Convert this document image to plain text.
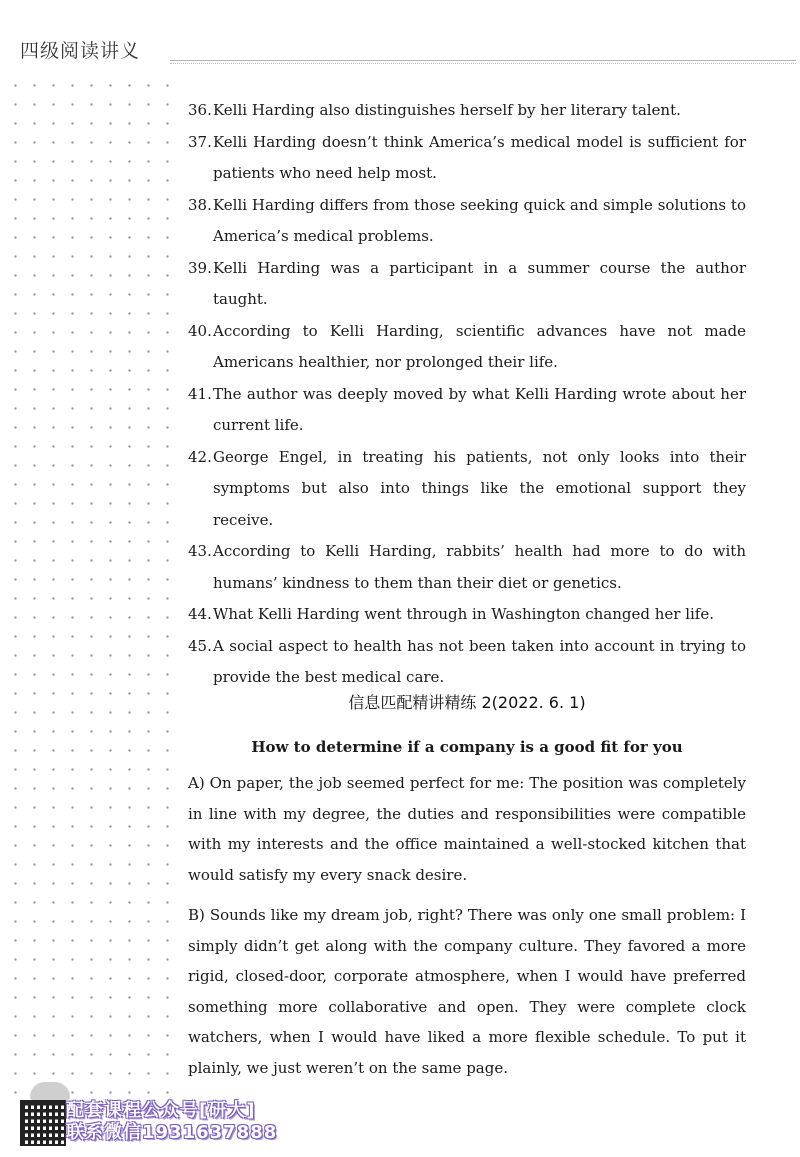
四级阅读讲义
36. Kelli Harding also distinguishes herself by her literary talent.
37. Kelli Harding doesn’t think America’s medical model is sufficient for patients who need help most.
38. Kelli Harding differs from those seeking quick and simple solutions to America’s medical problems.
39. Kelli Harding was a participant in a summer course the author taught.
40. According to Kelli Harding, scientific advances have not made Americans healthier, nor prolonged their life.
41. The author was deeply moved by what Kelli Harding wrote about her current life.
42. George Engel, in treating his patients, not only looks into their symptoms but also into things like the emotional support they receive.
43. According to Kelli Harding, rabbits’ health had more to do with humans’ kindness to them than their diet or genetics.
44. What Kelli Harding went through in Washington changed her life.
45. A social aspect to health has not been taken into account in trying to provide the best medical care.
信息匹配精讲精练 2(2022. 6. 1)
How to determine if a company is a good fit for you

A) On paper, the job seemed perfect for me: The position was completely in line with my degree, the duties and responsibilities were compatible with my interests and the office maintained a well-stocked kitchen that would satisfy my every snack desire.

B) Sounds like my dream job, right? There was only one small problem: I simply didn’t get along with the company culture. They favored a more rigid, closed-door, corporate atmosphere, when I would have preferred something more collaborative and open. They were complete clock watchers, when I would have liked a more flexible schedule. To put it plainly, we just weren’t on the same page.

配套课程公众号[研大]
联系微信1931637888
